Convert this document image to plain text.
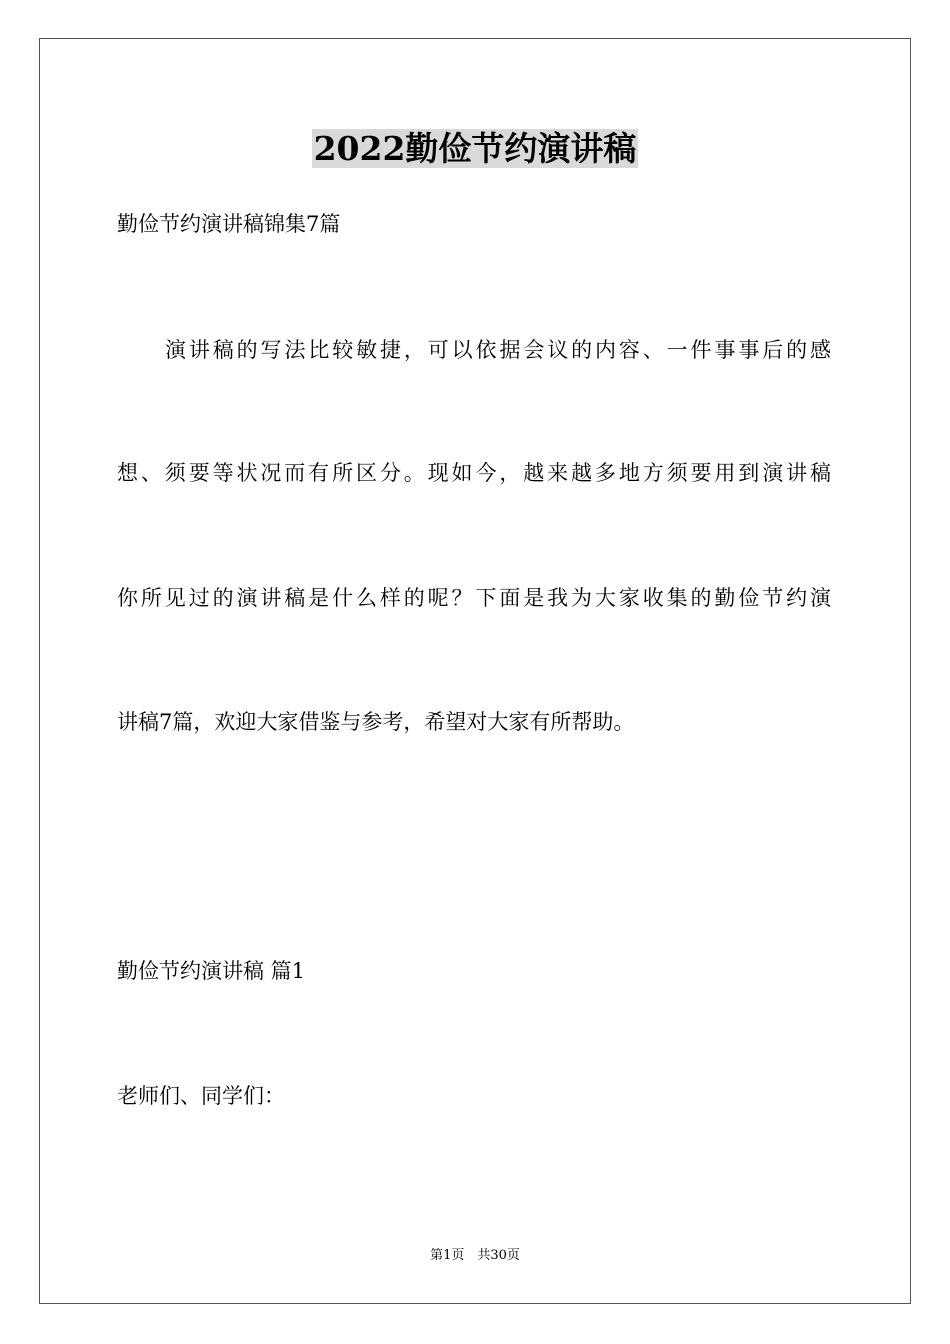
2022勤俭节约演讲稿
勤俭节约演讲稿锦集7篇
演讲稿的写法比较敏捷，可以依据会议的内容、一件事事后的感
想、须要等状况而有所区分。现如今，越来越多地方须要用到演讲稿
你所见过的演讲稿是什么样的呢？下面是我为大家收集的勤俭节约演
讲稿7篇，欢迎大家借鉴与参考，希望对大家有所帮助。
勤俭节约演讲稿 篇1
老师们、同学们：
第1页　共30页
